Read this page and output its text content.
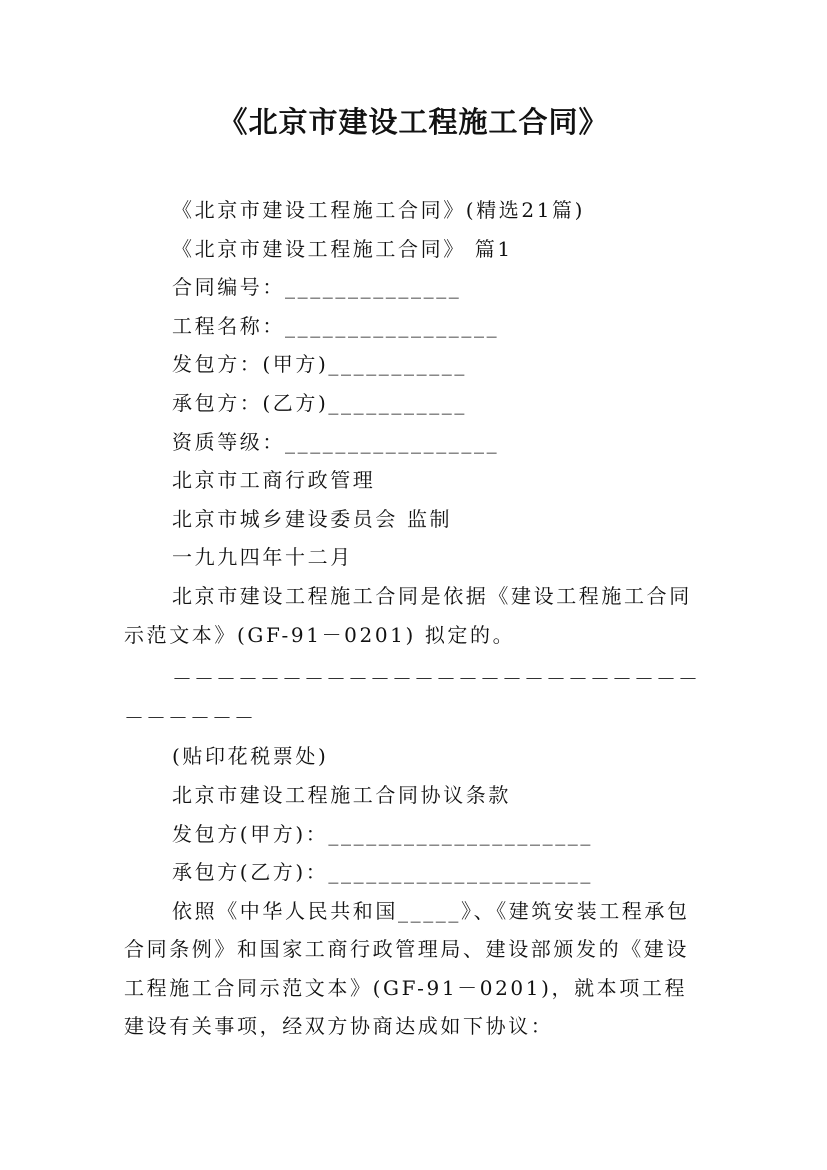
《北京市建设工程施工合同》
《北京市建设工程施工合同》(精选21篇)
《北京市建设工程施工合同》 篇1
合同编号：______________
工程名称：_________________
发包方：(甲方)___________
承包方：(乙方)___________
资质等级：_________________
北京市工商行政管理
北京市城乡建设委员会 监制
一九九四年十二月
北京市建设工程施工合同是依据《建设工程施工合同示范文本》(GF-91－0201) 拟定的。
－－－－－－－－－－－－－－－－－－－－－－－－－－－－－－
(贴印花税票处)
北京市建设工程施工合同协议条款
发包方(甲方)：_____________________
承包方(乙方)：_____________________
依照《中华人民共和国_____》、《建筑安装工程承包合同条例》和国家工商行政管理局、建设部颁发的《建设工程施工合同示范文本》(GF-91－0201)，就本项工程建设有关事项，经双方协商达成如下协议：
